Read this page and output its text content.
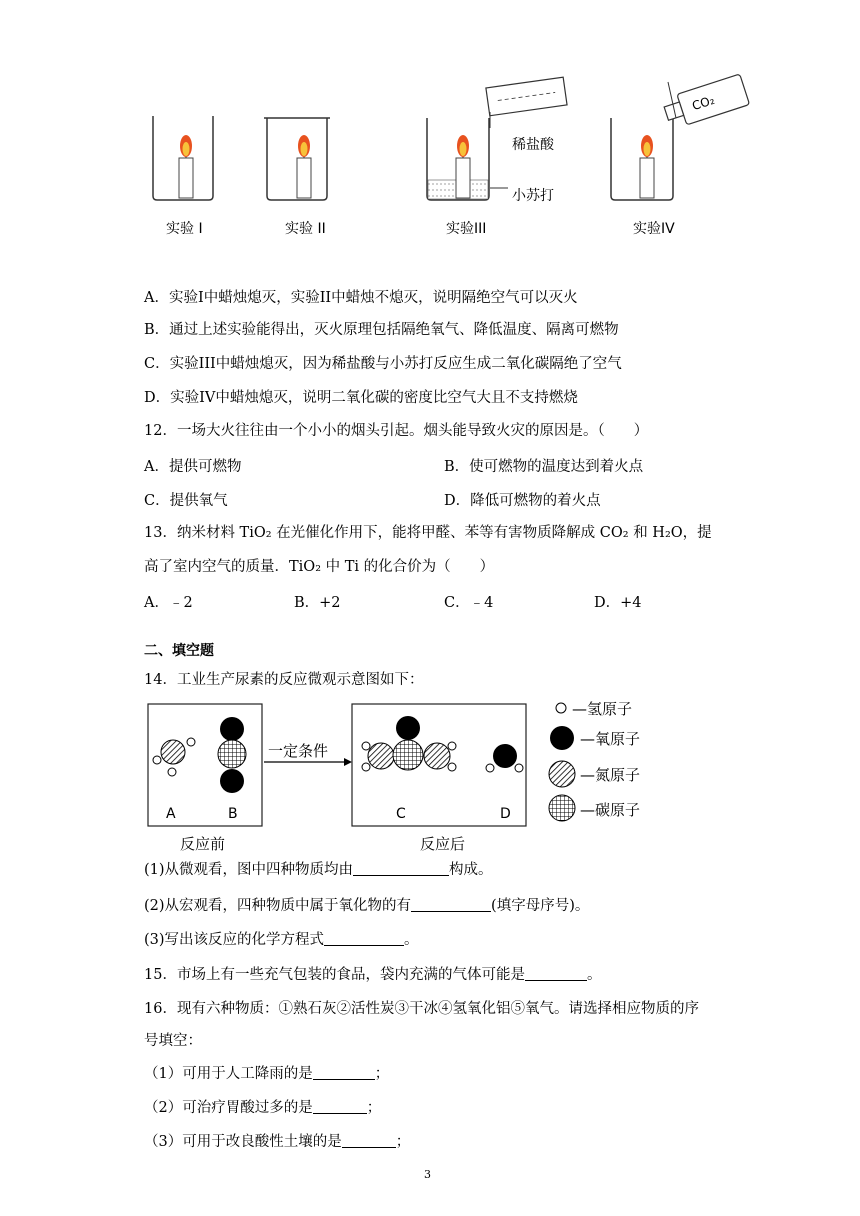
实验 I	实验 II	实验III	实验IV
稀盐酸
小苏打
CO₂
A．实验I中蜡烛熄灭，实验II中蜡烛不熄灭，说明隔绝空气可以灭火
B．通过上述实验能得出，灭火原理包括隔绝氧气、降低温度、隔离可燃物
C．实验III中蜡烛熄灭，因为稀盐酸与小苏打反应生成二氧化碳隔绝了空气
D．实验IV中蜡烛熄灭，说明二氧化碳的密度比空气大且不支持燃烧
12．一场大火往往由一个小小的烟头引起。烟头能导致火灾的原因是。（　　）
A．提供可燃物	B．使可燃物的温度达到着火点
C．提供氧气	D．降低可燃物的着火点
13．纳米材料 TiO₂ 在光催化作用下，能将甲醛、苯等有害物质降解成 CO₂ 和 H₂O，提
高了室内空气的质量．TiO₂ 中 Ti 的化合价为（　　）
A．﹣2	B．+2	C．﹣4	D．+4
二、填空题
14．工业生产尿素的反应微观示意图如下：
一定条件
A	B	C	D
反应前	反应后
—氢原子
—氧原子
—氮原子
—碳原子
(1)从微观看，图中四种物质均由	构成。
(2)从宏观看，四种物质中属于氧化物的有	(填字母序号)。
(3)写出该反应的化学方程式	。
15．市场上有一些充气包装的食品，袋内充满的气体可能是	。
16．现有六种物质：①熟石灰②活性炭③干冰④氢氧化铝⑤氧气。请选择相应物质的序
号填空：
（1）可用于人工降雨的是	；
（2）可治疗胃酸过多的是	；
（3）可用于改良酸性土壤的是	；
3
